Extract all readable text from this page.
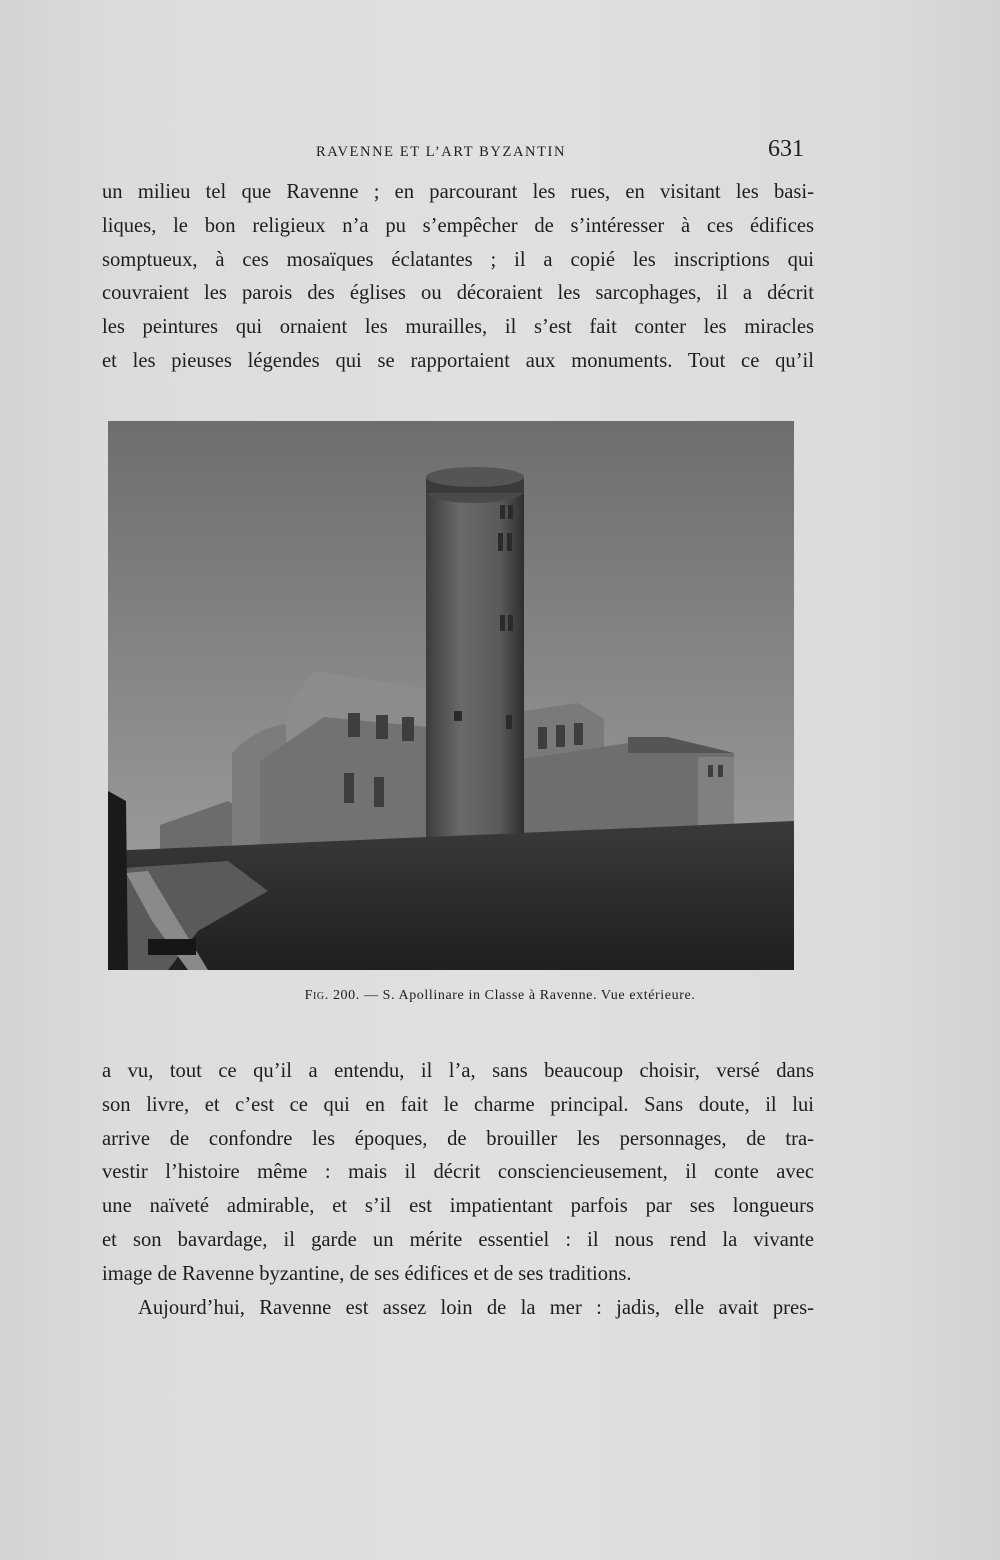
RAVENNE ET L’ART BYZANTIN	631
un milieu tel que Ravenne ; en parcourant les rues, en visitant les basi-
liques, le bon religieux n’a pu s’empêcher de s’intéresser à ces édifices
somptueux, à ces mosaïques éclatantes ; il a copié les inscriptions qui
couvraient les parois des églises ou décoraient les sarcophages, il a décrit
les peintures qui ornaient les murailles, il s’est fait conter les miracles
et les pieuses légendes qui se rapportaient aux monuments. Tout ce qu’il
Fig. 200. — S. Apollinare in Classe à Ravenne. Vue extérieure.
a vu, tout ce qu’il a entendu, il l’a, sans beaucoup choisir, versé dans
son livre, et c’est ce qui en fait le charme principal. Sans doute, il lui
arrive de confondre les époques, de brouiller les personnages, de tra-
vestir l’histoire même : mais il décrit consciencieusement, il conte avec
une naïveté admirable, et s’il est impatientant parfois par ses longueurs
et son bavardage, il garde un mérite essentiel : il nous rend la vivante
image de Ravenne byzantine, de ses édifices et de ses traditions.
Aujourd’hui, Ravenne est assez loin de la mer : jadis, elle avait pres-
